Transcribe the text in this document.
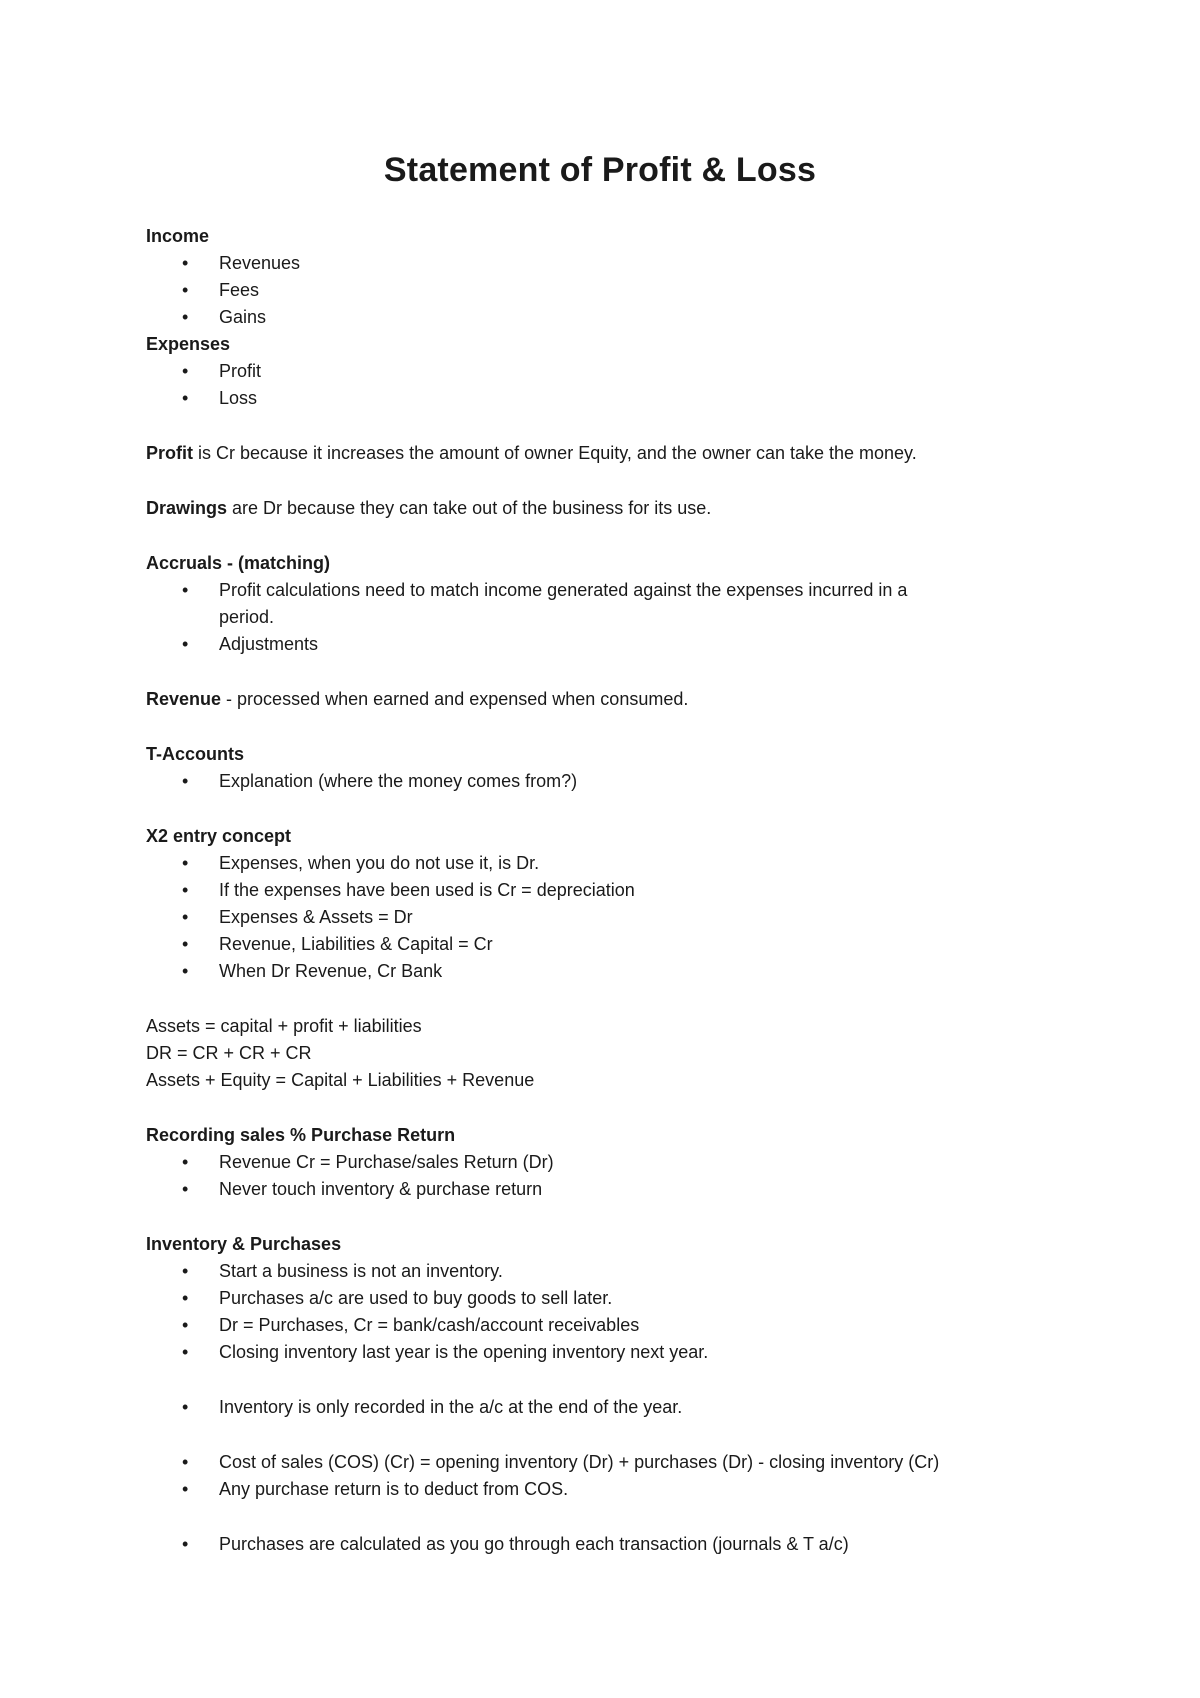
Statement of Profit & Loss
Income
• Revenues
• Fees
• Gains
Expenses
• Profit
• Loss
Profit is Cr because it increases the amount of owner Equity, and the owner can take the money.
Drawings are Dr because they can take out of the business for its use.
Accruals - (matching)
• Profit calculations need to match income generated against the expenses incurred in a
period.
• Adjustments
Revenue - processed when earned and expensed when consumed.
T-Accounts
• Explanation (where the money comes from?)
X2 entry concept
• Expenses, when you do not use it, is Dr.
• If the expenses have been used is Cr = depreciation
• Expenses & Assets = Dr
• Revenue, Liabilities & Capital = Cr
• When Dr Revenue, Cr Bank
Assets = capital + profit + liabilities
DR = CR + CR + CR
Assets + Equity = Capital + Liabilities + Revenue
Recording sales % Purchase Return
• Revenue Cr = Purchase/sales Return (Dr)
• Never touch inventory & purchase return
Inventory & Purchases
• Start a business is not an inventory.
• Purchases a/c are used to buy goods to sell later.
• Dr = Purchases, Cr = bank/cash/account receivables
• Closing inventory last year is the opening inventory next year.
• Inventory is only recorded in the a/c at the end of the year.
• Cost of sales (COS) (Cr) = opening inventory (Dr) + purchases (Dr) - closing inventory (Cr)
• Any purchase return is to deduct from COS.
• Purchases are calculated as you go through each transaction (journals & T a/c)
